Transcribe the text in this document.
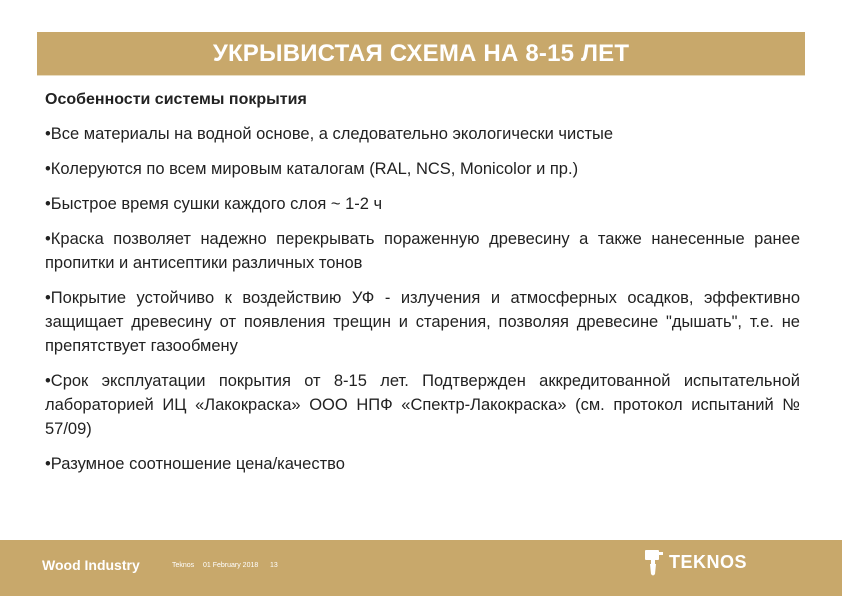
УКРЫВИСТАЯ СХЕМА НА 8-15 ЛЕТ
Особенности системы покрытия
•Все материалы на водной основе, а следовательно экологически чистые
•Колеруются по всем мировым каталогам (RAL, NCS, Monicolor и пр.)
•Быстрое время сушки каждого слоя ~ 1-2 ч
•Краска позволяет надежно перекрывать пораженную древесину а также нанесенные ранее пропитки и антисептики различных тонов
•Покрытие устойчиво к воздействию УФ - излучения и атмосферных осадков, эффективно защищает древесину от появления трещин и старения, позволяя древесине "дышать", т.е. не препятствует газообмену
•Срок эксплуатации покрытия от 8-15 лет. Подтвержден аккредитованной испытательной лабораторией ИЦ «Лакокраска» ООО НПФ «Спектр-Лакокраска» (см. протокол испытаний № 57/09)
•Разумное соотношение цена/качество
Wood Industry	Teknos 01 February 2018 13	TEKNOS
